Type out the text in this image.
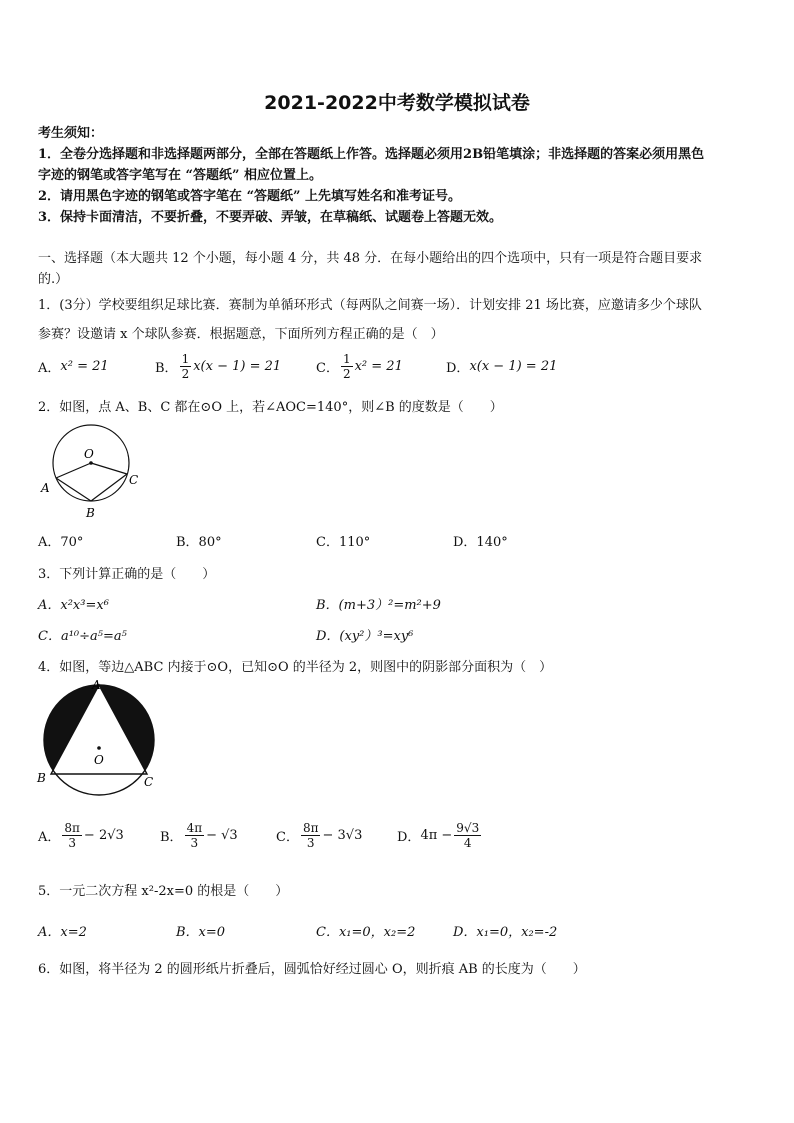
2021-2022中考数学模拟试卷
考生须知：
1．全卷分选择题和非选择题两部分，全部在答题纸上作答。选择题必须用2B铅笔填涂；非选择题的答案必须用黑色
字迹的钢笔或答字笔写在 “答题纸” 相应位置上。
2．请用黑色字迹的钢笔或答字笔在 “答题纸” 上先填写姓名和准考证号。
3．保持卡面清洁，不要折叠，不要弄破、弄皱，在草稿纸、试题卷上答题无效。
一、选择题（本大题共 12 个小题，每小题 4 分，共 48 分．在每小题给出的四个选项中，只有一项是符合题目要求
的.）
1．(3分）学校要组织足球比赛．赛制为单循环形式（每两队之间赛一场）．计划安排 21 场比赛，应邀请多少个球队
参赛？设邀请 x 个球队参赛．根据题意，下面所列方程正确的是（　）
A． x² = 21	B． $\frac{1}{2} x(x - 1) = 21$	C． $\frac{1}{2} x^2 = 21$	D． x(x − 1) = 21
2．如图，点 A、B、C 都在⊙O 上，若∠AOC=140°，则∠B 的度数是（　　）
O
A
C
B
A．70°	B．80°	C．110°	D．140°
3．下列计算正确的是（　　）
A．x²x³=x⁶	B．(m+3）²=m²+9
C．a¹⁰÷a⁵=a⁵	D．(xy²）³=xy⁶
4．如图，等边△ABC 内接于⊙O，已知⊙O 的半径为 2，则图中的阴影部分面积为（　）
O
A
B	C
A． $\frac{8\pi}{3} - 2√3$	B． $\frac{4\pi}{3} - √3$	C． $\frac{8\pi}{3} - 3√3$	D． $4\pi - \frac{9√3}{4}$
5．一元二次方程 x²-2x=0 的根是（　　）
A．x=2	B．x=0	C．x₁=0，x₂=2	D．x₁=0，x₂=-2
6．如图，将半径为 2 的圆形纸片折叠后，圆弧恰好经过圆心 O，则折痕 AB 的长度为（　　）
